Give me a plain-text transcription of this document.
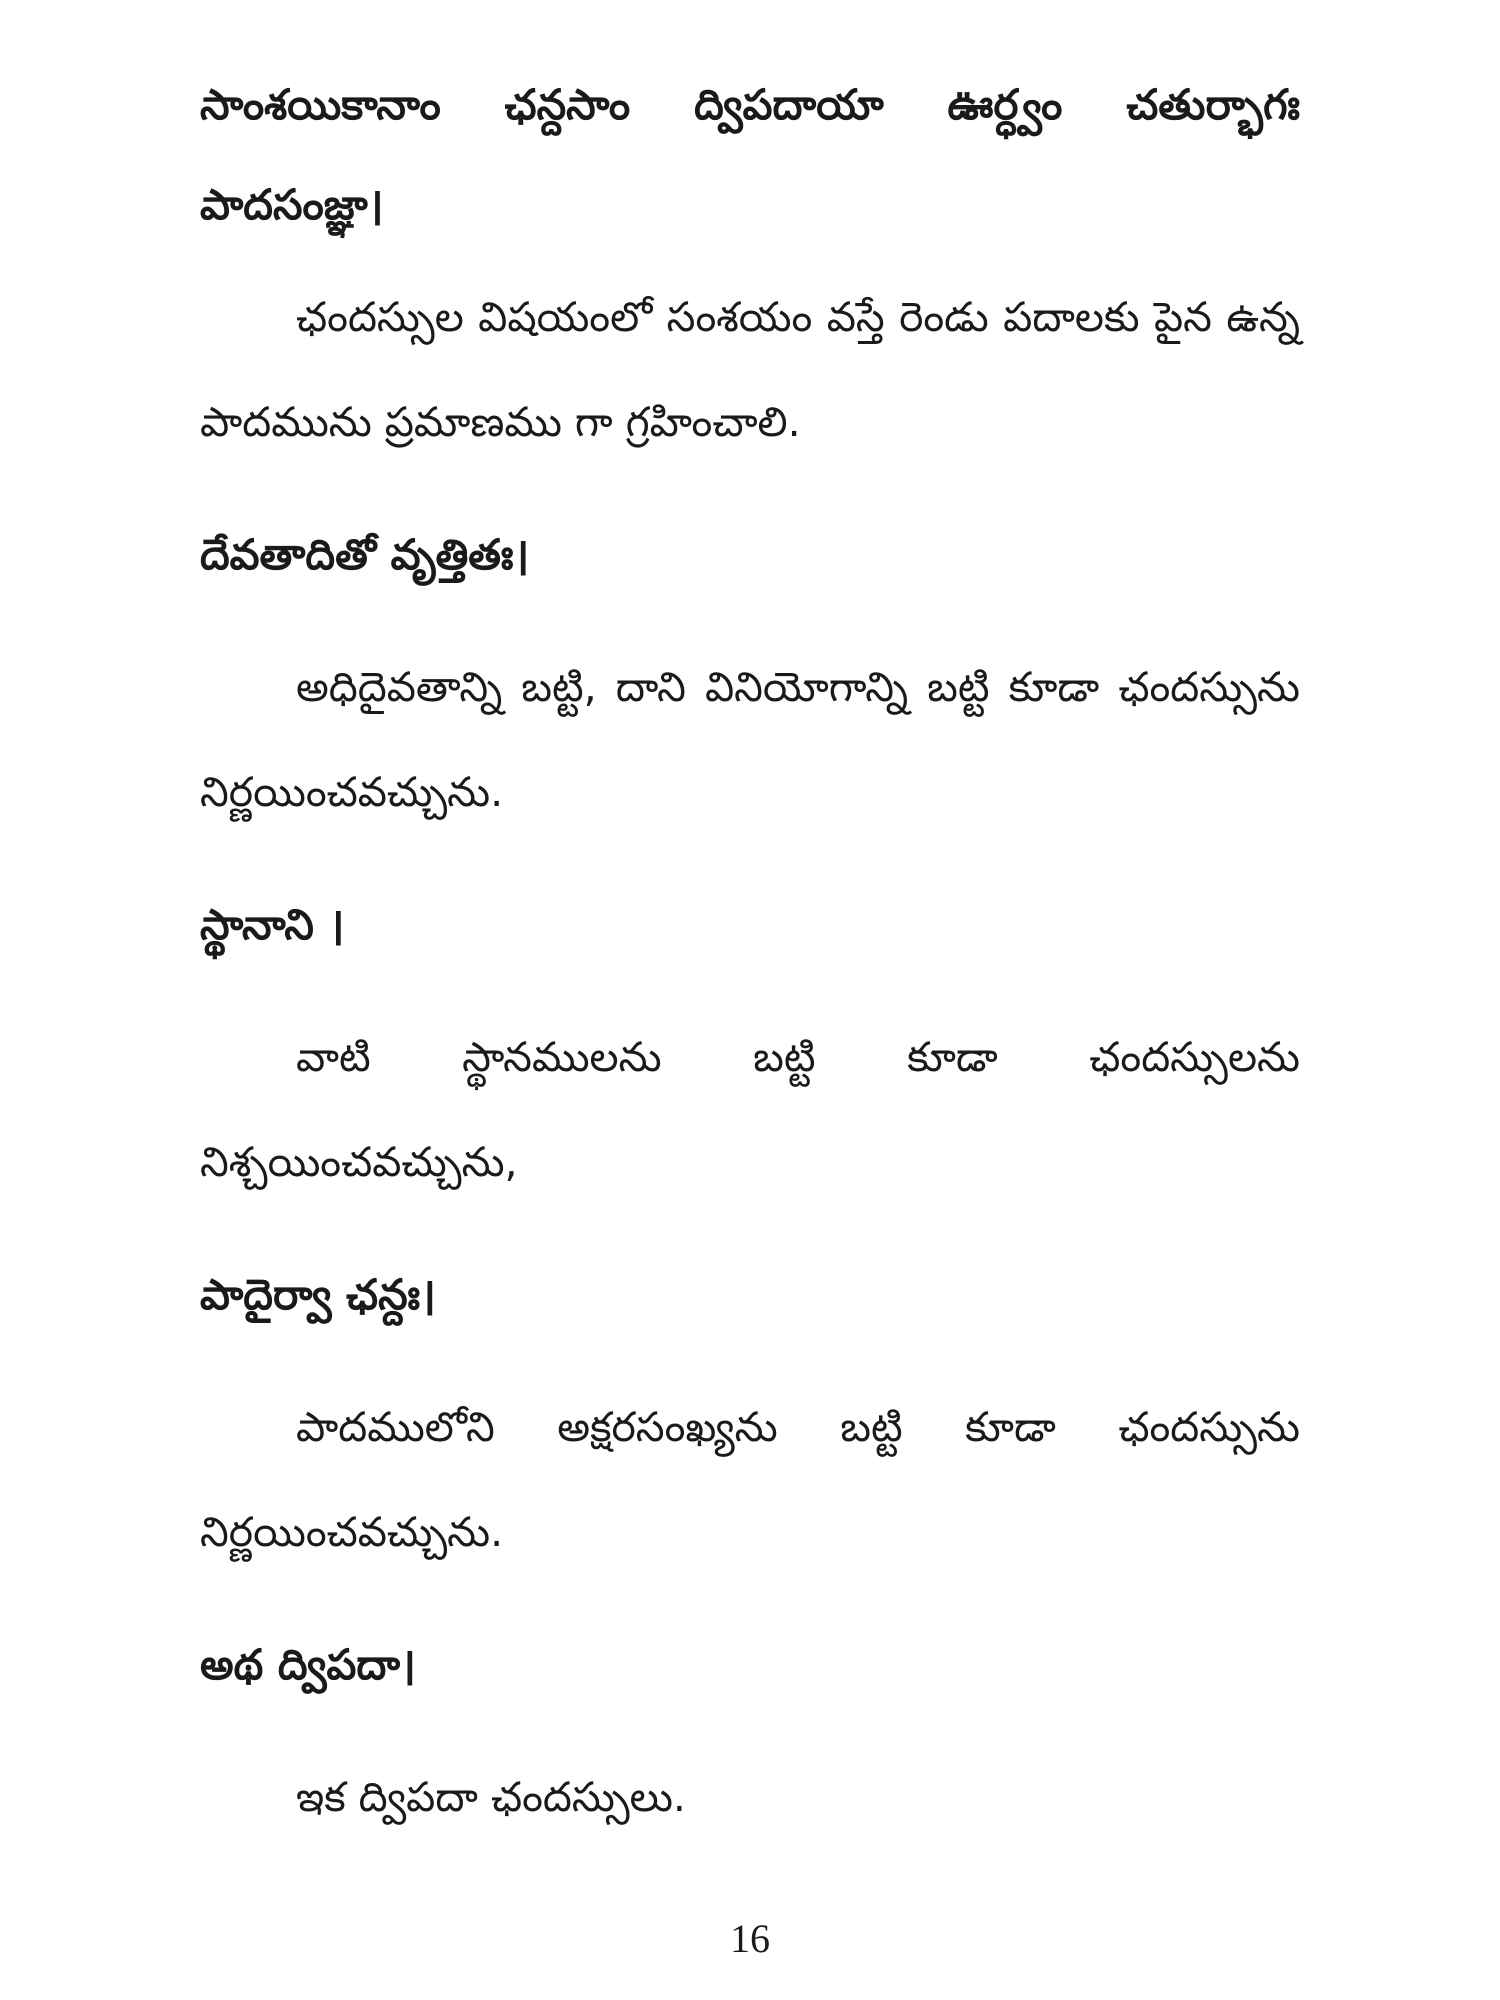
సాంశయికానాం ఛన్దసాం ద్విపదాయా ఊర్ధ్వం చతుర్భాగః పాదసంజ్ఞా।

ఛందస్సుల విషయంలో సంశయం వస్తే రెండు పదాలకు పైన ఉన్న పాదమును ప్రమాణము గా గ్రహించాలి.

దేవతాదితో వృత్తితః।

అధిదైవతాన్ని బట్టి, దాని వినియోగాన్ని బట్టి కూడా ఛందస్సును నిర్ణయించవచ్చును.

స్థానాని ।

వాటి స్థానములను బట్టి కూడా ఛందస్సులను నిశ్చయించవచ్చును,

పాదైర్వా ఛన్దః।

పాదములోని అక్షరసంఖ్యను బట్టి కూడా ఛందస్సును నిర్ణయించవచ్చును.

అథ ద్విపదా।

ఇక ద్విపదా ఛందస్సులు.

16
